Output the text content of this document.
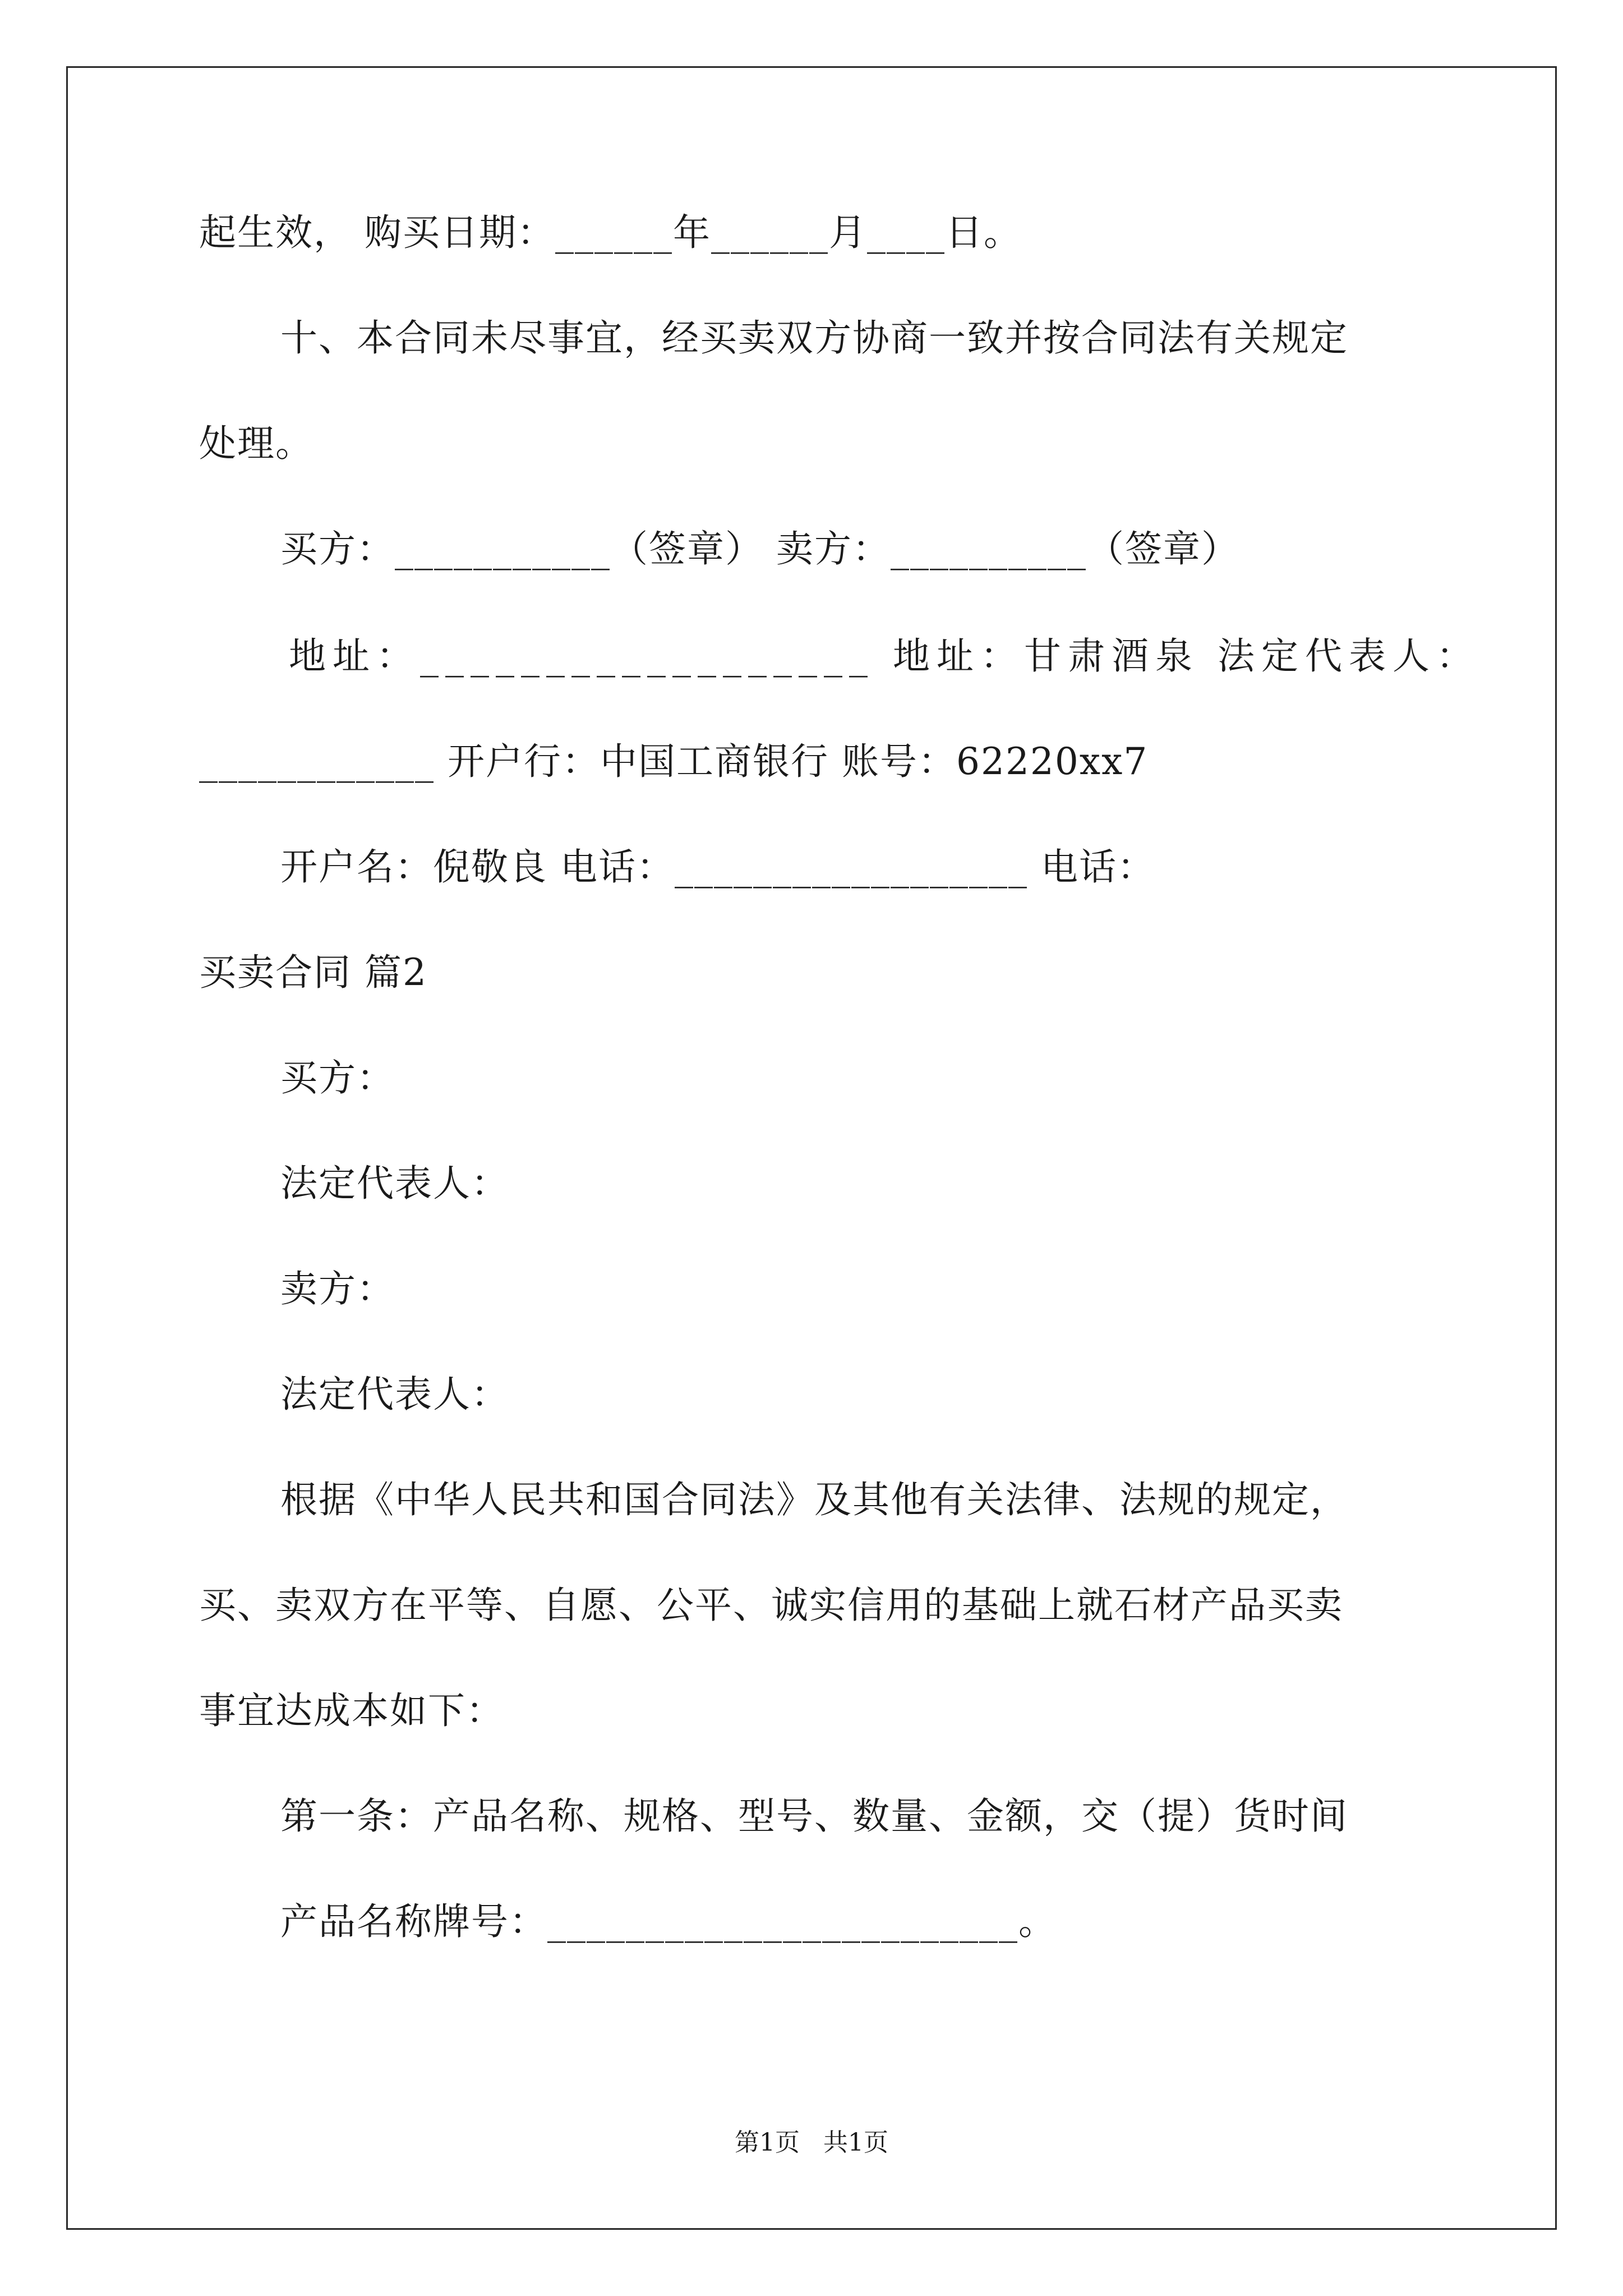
起生效， 购买日期：______年______月____日。
十、本合同未尽事宜，经买卖双方协商一致并按合同法有关规定
处理。
买方：___________（签章） 卖方：__________（签章）
地址：__________________ 地址：甘肃酒泉 法定代表人：
____________ 开户行：中国工商银行 账号：62220xx7
开户名：倪敬良 电话：__________________ 电话：
买卖合同 篇2
买方：
法定代表人：
卖方：
法定代表人：
根据《中华人民共和国合同法》及其他有关法律、法规的规定，
买、卖双方在平等、自愿、公平、诚实信用的基础上就石材产品买卖
事宜达成本如下：
第一条：产品名称、规格、型号、数量、金额，交（提）货时间
产品名称牌号：________________________。
第1页   共1页
